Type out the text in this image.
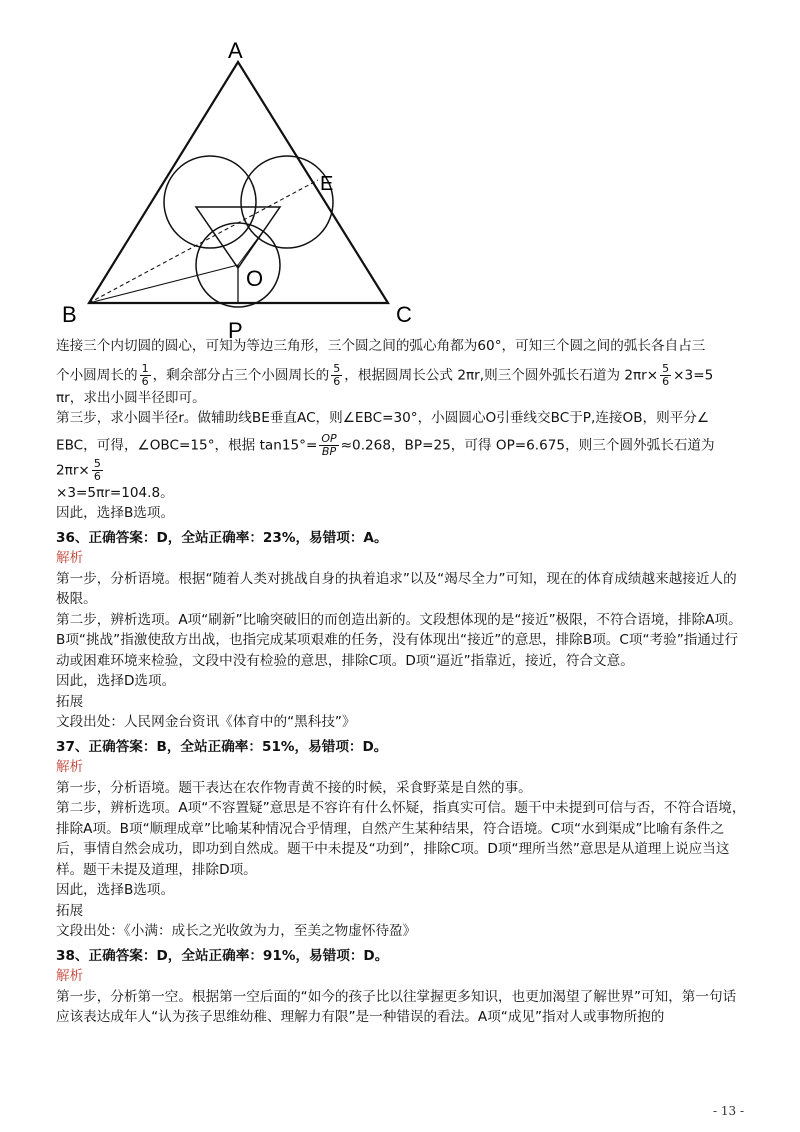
A
B	C
E
O
P

连接三个内切圆的圆心，可知为等边三角形，三个圆之间的弧心角都为60°，可知三个圆之间的弧长各自占三

个小圆周长的 $\frac{1}{6}$ ，剩余部分占三个小圆周长的 $\frac{5}{6}$ ，根据圆周长公式 2πr,则三个圆外弧长石道为 $2\pi r\times \frac{5}{6} \times 3=5$

πr，求出小圆半径即可。

第三步，求小圆半径r。做辅助线BE垂直AC，则∠EBC=30°，小圆圆心O引垂线交BC于P,连接OB，则平分∠

EBC，可得，∠OBC=15°，根据 $\tan 15^\circ= \frac{OP}{BP} \approx 0.268$，BP=25，可得 OP=6.675，则三个圆外弧长石道为 $2\pi r\times \frac{5}{6}$

×3=5πr=104.8。

因此，选择B选项。

36、正确答案：D，全站正确率：23%，易错项：A。

解析

第一步，分析语境。根据“随着人类对挑战自身的执着追求”以及“竭尽全力”可知，现在的体育成绩越来越接近人的极限。

第二步，辨析选项。A项“刷新”比喻突破旧的而创造出新的。文段想体现的是“接近”极限，不符合语境，排除A项。B项“挑战”指激使敌方出战，也指完成某项艰难的任务，没有体现出“接近”的意思，排除B项。C项“考验”指通过行动或困难环境来检验，文段中没有检验的意思，排除C项。D项“逼近”指靠近，接近，符合文意。

因此，选择D选项。

拓展

文段出处：人民网金台资讯《体育中的“黑科技”》

37、正确答案：B，全站正确率：51%，易错项：D。

解析

第一步，分析语境。题干表达在农作物青黄不接的时候，采食野菜是自然的事。

第二步，辨析选项。A项“不容置疑”意思是不容许有什么怀疑，指真实可信。题干中未提到可信与否，不符合语境，排除A项。B项“顺理成章”比喻某种情况合乎情理，自然产生某种结果，符合语境。C项“水到渠成”比喻有条件之后，事情自然会成功，即功到自然成。题干中未提及“功到”，排除C项。D项“理所当然”意思是从道理上说应当这样。题干未提及道理，排除D项。

因此，选择B选项。

拓展

文段出处：《小满：成长之光收敛为力，至美之物虚怀待盈》

38、正确答案：D，全站正确率：91%，易错项：D。

解析

第一步，分析第一空。根据第一空后面的“如今的孩子比以往掌握更多知识，也更加渴望了解世界”可知，第一句话应该表达成年人“认为孩子思维幼稚、理解力有限”是一种错误的看法。A项“成见”指对人或事物所抱的

- 13 -
